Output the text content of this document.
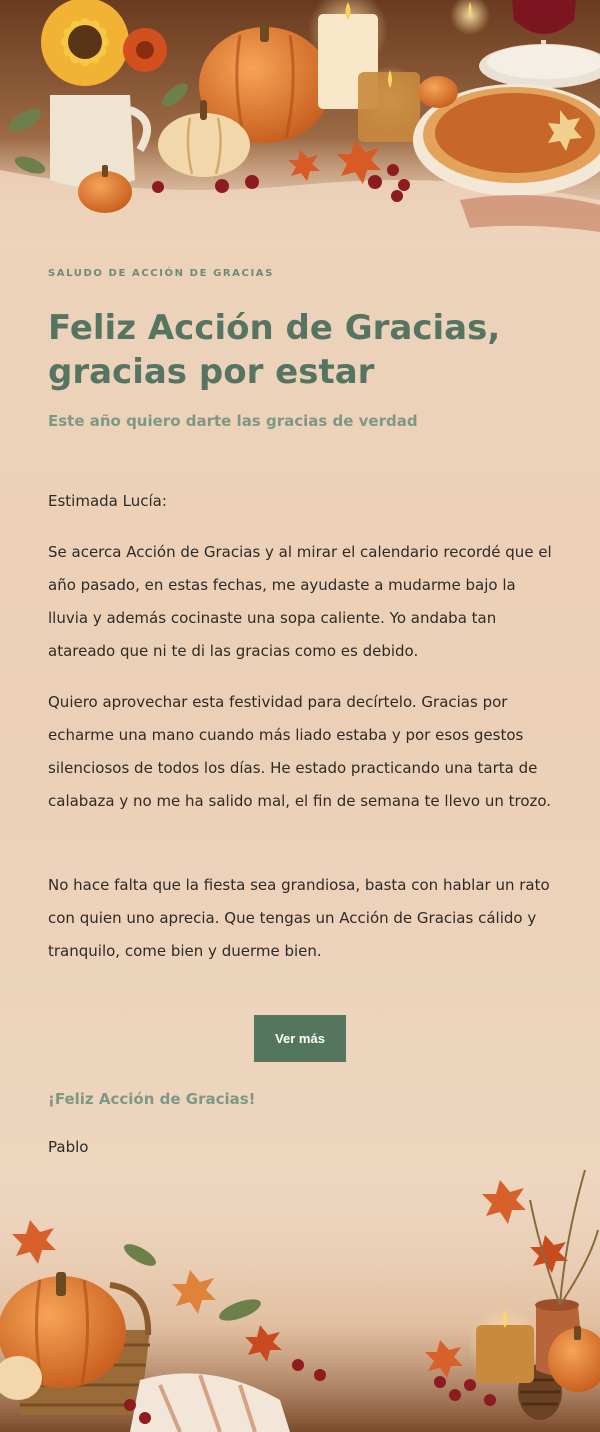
SALUDO DE ACCIÓN DE GRACIAS
Feliz Acción de Gracias, gracias por estar
Este año quiero darte las gracias de verdad
Estimada Lucía:

Se acerca Acción de Gracias y al mirar el calendario recordé que el año pasado, en estas fechas, me ayudaste a mudarme bajo la lluvia y además cocinaste una sopa caliente. Yo andaba tan atareado que ni te di las gracias como es debido.

Quiero aprovechar esta festividad para decírtelo. Gracias por echarme una mano cuando más liado estaba y por esos gestos silenciosos de todos los días. He estado practicando una tarta de calabaza y no me ha salido mal, el fin de semana te llevo un trozo.

No hace falta que la fiesta sea grandiosa, basta con hablar un rato con quien uno aprecia. Que tengas un Acción de Gracias cálido y tranquilo, come bien y duerme bien.

Ver más
¡Feliz Acción de Gracias!
Pablo
